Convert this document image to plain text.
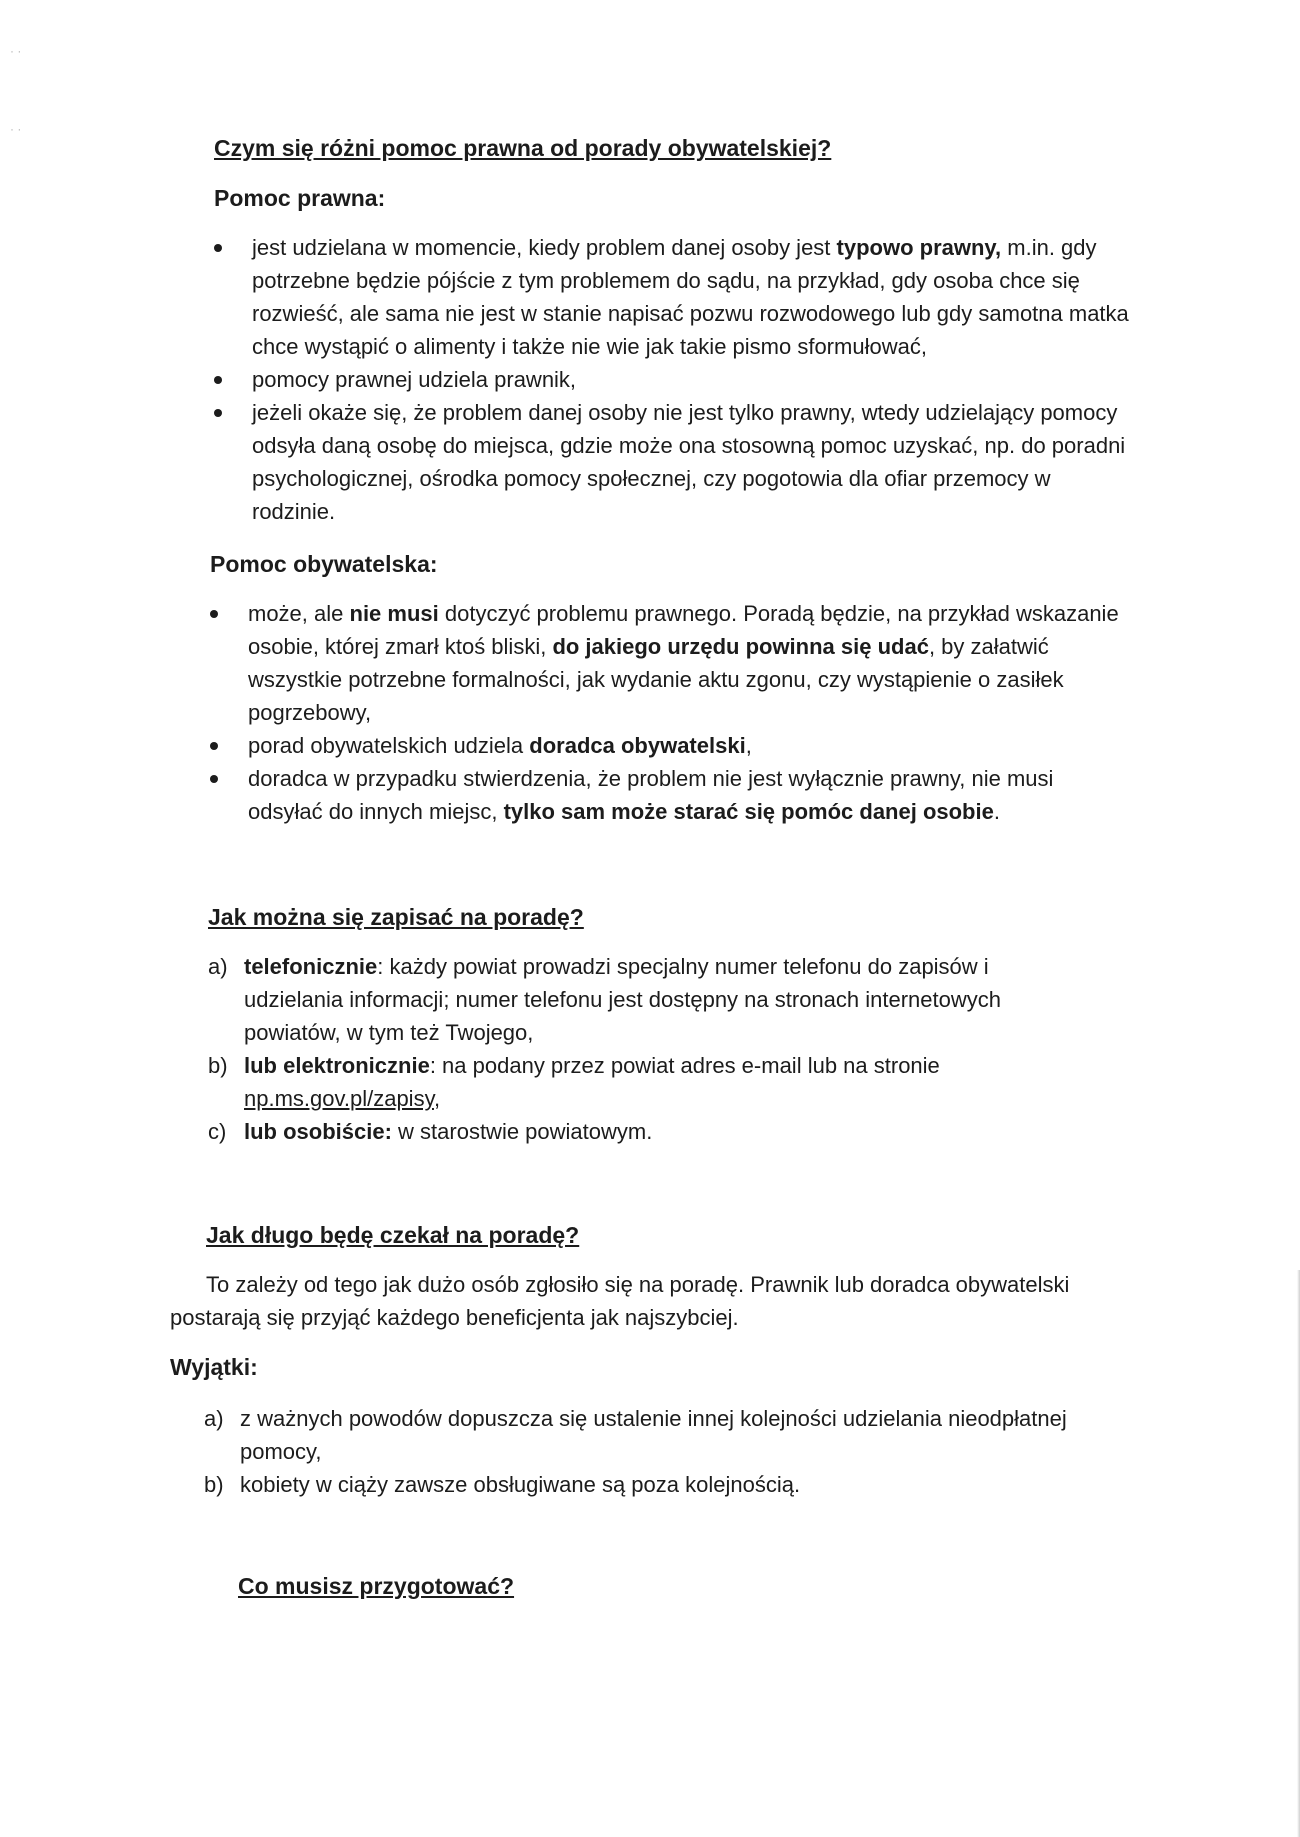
· ·
· ·
Czym się różni pomoc prawna od porady obywatelskiej?
Pomoc prawna:
jest udzielana w momencie, kiedy problem danej osoby jest typowo prawny, m.in. gdy potrzebne będzie pójście z tym problemem do sądu, na przykład, gdy osoba chce się rozwieść, ale sama nie jest w stanie napisać pozwu rozwodowego lub gdy samotna matka chce wystąpić o alimenty i także nie wie jak takie pismo sformułować,
pomocy prawnej udziela prawnik,
jeżeli okaże się, że problem danej osoby nie jest tylko prawny, wtedy udzielający pomocy odsyła daną osobę do miejsca, gdzie może ona stosowną pomoc uzyskać, np. do poradni psychologicznej, ośrodka pomocy społecznej, czy pogotowia dla ofiar przemocy w rodzinie.
Pomoc obywatelska:
może, ale nie musi dotyczyć problemu prawnego. Poradą będzie, na przykład wskazanie osobie, której zmarł ktoś bliski, do jakiego urzędu powinna się udać, by załatwić wszystkie potrzebne formalności, jak wydanie aktu zgonu, czy wystąpienie o zasiłek pogrzebowy,
porad obywatelskich udziela doradca obywatelski,
doradca w przypadku stwierdzenia, że problem nie jest wyłącznie prawny, nie musi odsyłać do innych miejsc, tylko sam może starać się pomóc danej osobie.
Jak można się zapisać na poradę?
a) telefonicznie: każdy powiat prowadzi specjalny numer telefonu do zapisów i udzielania informacji; numer telefonu jest dostępny na stronach internetowych powiatów, w tym też Twojego,
b) lub elektronicznie: na podany przez powiat adres e-mail lub na stronie np.ms.gov.pl/zapisy,
c) lub osobiście: w starostwie powiatowym.
Jak długo będę czekał na poradę?
To zależy od tego jak dużo osób zgłosiło się na poradę. Prawnik lub doradca obywatelski postarają się przyjąć każdego beneficjenta jak najszybciej.
Wyjątki:
a) z ważnych powodów dopuszcza się ustalenie innej kolejności udzielania nieodpłatnej pomocy,
b) kobiety w ciąży zawsze obsługiwane są poza kolejnością.
Co musisz przygotować?
